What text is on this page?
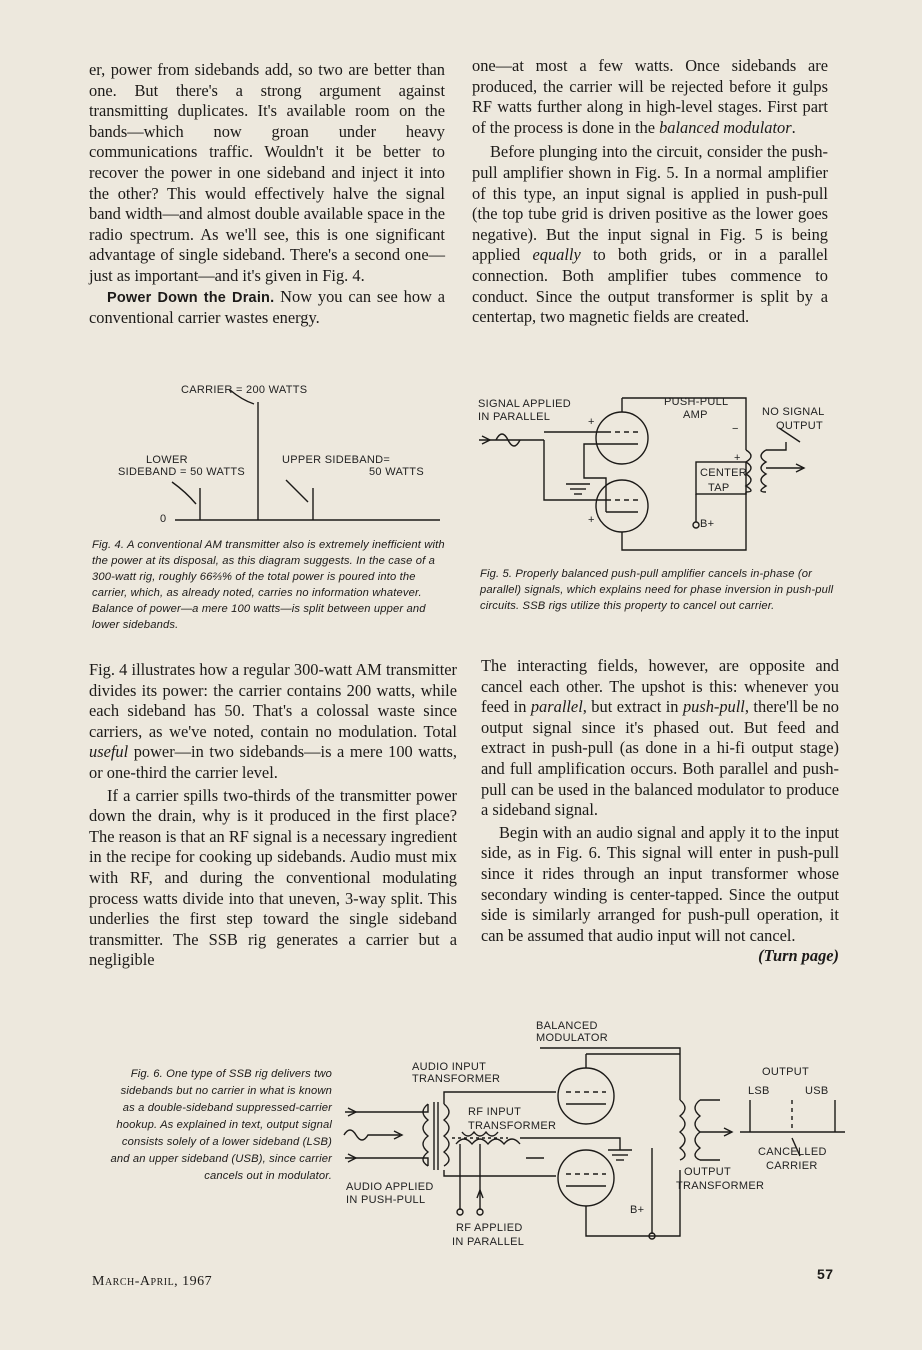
er, power from sidebands add, so two are better than one. But there's a strong argument against transmitting duplicates. It's available room on the bands—which now groan under heavy communications traffic. Wouldn't it be better to recover the power in one sideband and inject it into the other? This would effectively halve the signal band width—and almost double available space in the radio spectrum. As we'll see, this is one significant advantage of single sideband. There's a second one—just as important—and it's given in Fig. 4.

Power Down the Drain. Now you can see how a conventional carrier wastes energy.

one—at most a few watts. Once sidebands are produced, the carrier will be rejected before it gulps RF watts further along in high-level stages. First part of the process is done in the balanced modulator.

Before plunging into the circuit, consider the push-pull amplifier shown in Fig. 5. In a normal amplifier of this type, an input signal is applied in push-pull (the top tube grid is driven positive as the lower goes negative). But the input signal in Fig. 5 is being applied equally to both grids, or in a parallel connection. Both amplifier tubes commence to conduct. Since the output transformer is split by a centertap, two magnetic fields are created.

CARRIER = 200 WATTS
LOWER
SIDEBAND = 50 WATTS
UPPER SIDEBAND=
50 WATTS
0

Fig. 4. A conventional AM transmitter also is extremely inefficient with the power at its disposal, as this diagram suggests. In the case of a 300-watt rig, roughly 66⅔% of the total power is poured into the carrier, which, as already noted, carries no information whatever. Balance of power—a mere 100 watts—is split between upper and lower sidebands.

SIGNAL APPLIED
IN PARALLEL
PUSH-PULL
AMP	NO SIGNAL
OUTPUT
CENTER
TAP
B+
+
+
−
+

Fig. 5. Properly balanced push-pull amplifier cancels in-phase (or parallel) signals, which explains need for phase inversion in push-pull circuits. SSB rigs utilize this property to cancel out carrier.

Fig. 4 illustrates how a regular 300-watt AM transmitter divides its power: the carrier contains 200 watts, while each sideband has 50. That's a colossal waste since carriers, as we've noted, contain no modulation. Total useful power—in two sidebands—is a mere 100 watts, or one-third the carrier level.

If a carrier spills two-thirds of the transmitter power down the drain, why is it produced in the first place? The reason is that an RF signal is a necessary ingredient in the recipe for cooking up sidebands. Audio must mix with RF, and during the conventional modulating process watts divide into that uneven, 3-way split. This underlies the first step toward the single sideband transmitter. The SSB rig generates a carrier but a negligible

The interacting fields, however, are opposite and cancel each other. The upshot is this: whenever you feed in parallel, but extract in push-pull, there'll be no output signal since it's phased out. But feed and extract in push-pull (as done in a hi-fi output stage) and full amplification occurs. Both parallel and push-pull can be used in the balanced modulator to produce a sideband signal.

Begin with an audio signal and apply it to the input side, as in Fig. 6. This signal will enter in push-pull since it rides through an input transformer whose secondary winding is center-tapped. Since the output side is similarly arranged for push-pull operation, it can be assumed that audio input will not cancel.
(Turn page)

Fig. 6. One type of SSB rig delivers two sidebands but no carrier in what is known as a double-sideband suppressed-carrier hookup. As explained in text, output signal consists solely of a lower sideband (LSB) and an upper sideband (USB), since carrier cancels out in modulator.

BALANCED
MODULATOR
AUDIO INPUT
TRANSFORMER
RF INPUT
TRANSFORMER
AUDIO APPLIED
IN PUSH-PULL
RF APPLIED
IN PARALLEL
OUTPUT
LSB	USB
CANCELLED
CARRIER
OUTPUT
TRANSFORMER
B+
March-April, 1967	57
